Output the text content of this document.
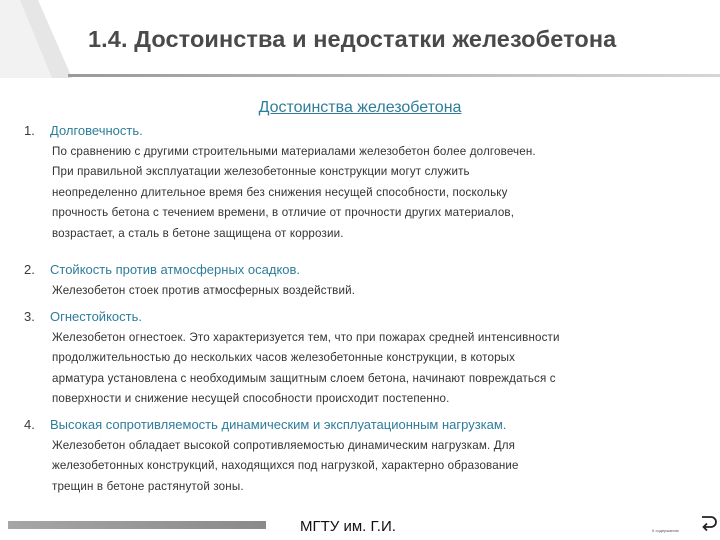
1.4. Достоинства и недостатки железобетона
Достоинства железобетона
1. Долговечность.
По сравнению с другими строительными материалами железобетон более долговечен.
При правильной эксплуатации железобетонные конструкции могут служить
неопределенно длительное время без снижения несущей способности, поскольку
прочность бетона с течением времени, в отличие от прочности других материалов,
возрастает, а сталь в бетоне защищена от коррозии.
2. Стойкость против атмосферных осадков.
Железобетон стоек против атмосферных воздействий.
3. Огнестойкость.
Железобетон огнестоек. Это характеризуется тем, что при пожарах средней интенсивности
продолжительностью до нескольких часов железобетонные конструкции, в которых
арматура установлена с необходимым защитным слоем бетона, начинают повреждаться с
поверхности и снижение несущей способности происходит постепенно.
4. Высокая сопротивляемость динамическим и эксплуатационным нагрузкам.
Железобетон обладает высокой сопротивляемостью динамическим нагрузкам. Для
железобетонных конструкций, находящихся под нагрузкой, характерно образование
трещин в бетоне растянутой зоны.
МГТУ им. Г.И.	К содержанию
